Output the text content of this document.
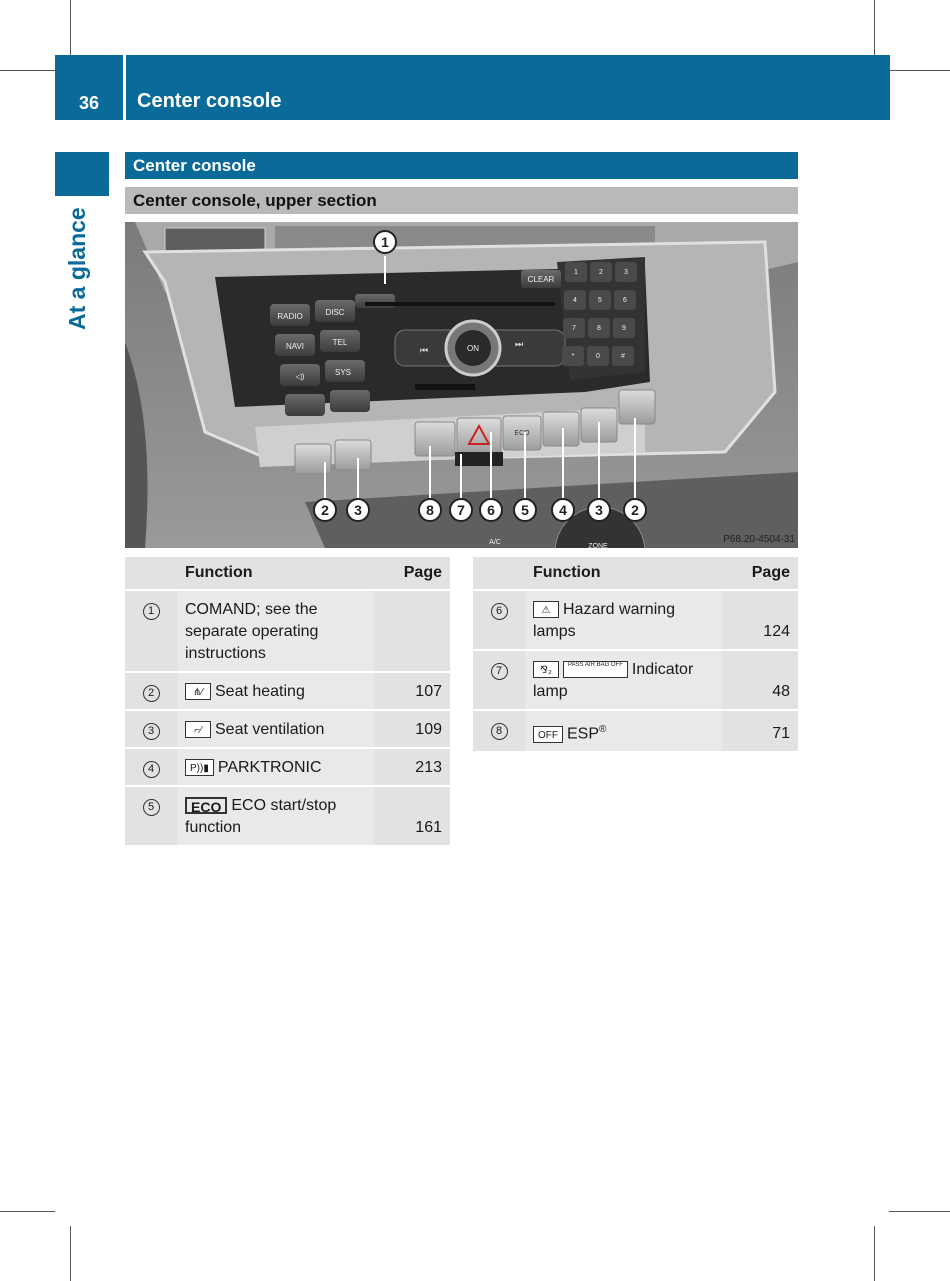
36 Center console
At a glance
Center console
Center console, upper section
RADIO	DISC
NAVI	TEL
◁)	SYS
CLEAR
⏮
⏭
ON
1	2	3
4	5	6
7	8	9
*	0	#
ECO
ZONE
A/C
1
2 3	8 7 6 5 4 3 2
P68.20-4504-31
	Function	Page
1	COMAND; see the separate operating instructions	
2	⋔⁄ Seat heating	107
3	⌐⁄ Seat ventilation	109
4	P))▮ PARKTRONIC	213
5	ECO ECO start/stop function	161
	Function	Page
6	⚠ Hazard warning lamps	124
7	⅋₂ PASS AIR BAG OFF Indicator lamp	48
8	OFF ESP®	71
